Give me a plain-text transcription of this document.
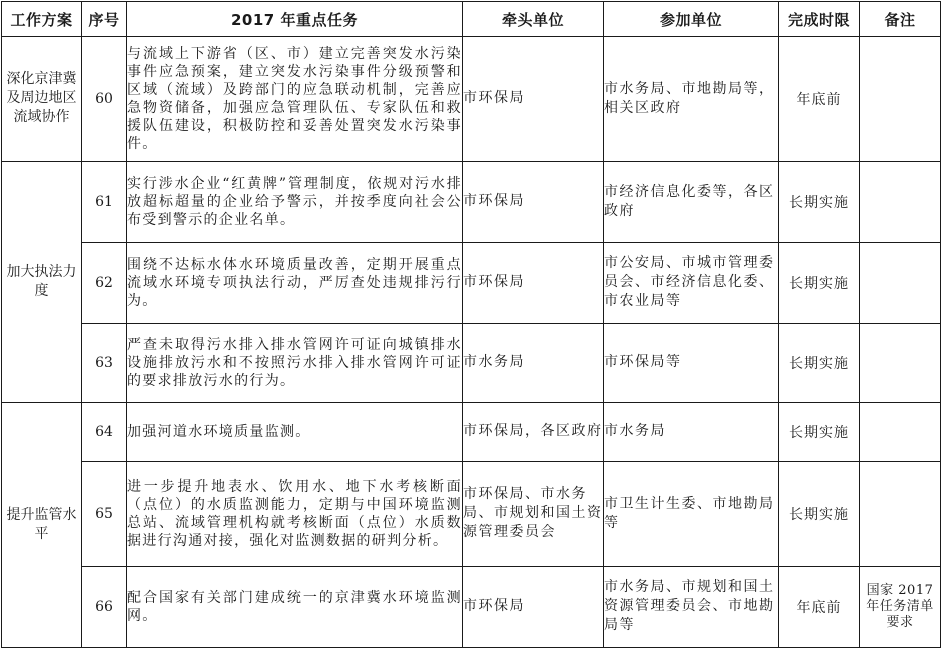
工作方案	序号	2017 年重点任务	牵头单位	参加单位	完成时限	备注
深化京津冀及周边地区流域协作	60	与流域上下游省（区、市）建立完善突发水污染事件应急预案，建立突发水污染事件分级预警和区域（流域）及跨部门的应急联动机制，完善应急物资储备，加强应急管理队伍、专家队伍和救援队伍建设，积极防控和妥善处置突发水污染事件。	市环保局	市水务局、市地勘局等，相关区政府	年底前	
加大执法力度	61	实行涉水企业“红黄牌”管理制度，依规对污水排放超标超量的企业给予警示，并按季度向社会公布受到警示的企业名单。	市环保局	市经济信息化委等，各区政府	长期实施	
	62	围绕不达标水体水环境质量改善，定期开展重点流域水环境专项执法行动，严厉查处违规排污行为。	市环保局	市公安局、市城市管理委员会、市经济信息化委、市农业局等	长期实施	
	63	严查未取得污水排入排水管网许可证向城镇排水设施排放污水和不按照污水排入排水管网许可证的要求排放污水的行为。	市水务局	市环保局等	长期实施	
提升监管水平	64	加强河道水环境质量监测。	市环保局，各区政府	市水务局	长期实施	
	65	进一步提升地表水、饮用水、地下水考核断面（点位）的水质监测能力，定期与中国环境监测总站、流域管理机构就考核断面（点位）水质数据进行沟通对接，强化对监测数据的研判分析。	市环保局、市水务局、市规划和国土资源管理委员会	市卫生计生委、市地勘局等	长期实施	
	66	配合国家有关部门建成统一的京津冀水环境监测网。	市环保局	市水务局、市规划和国土资源管理委员会、市地勘局等	年底前	国家 2017 年任务清单要求
